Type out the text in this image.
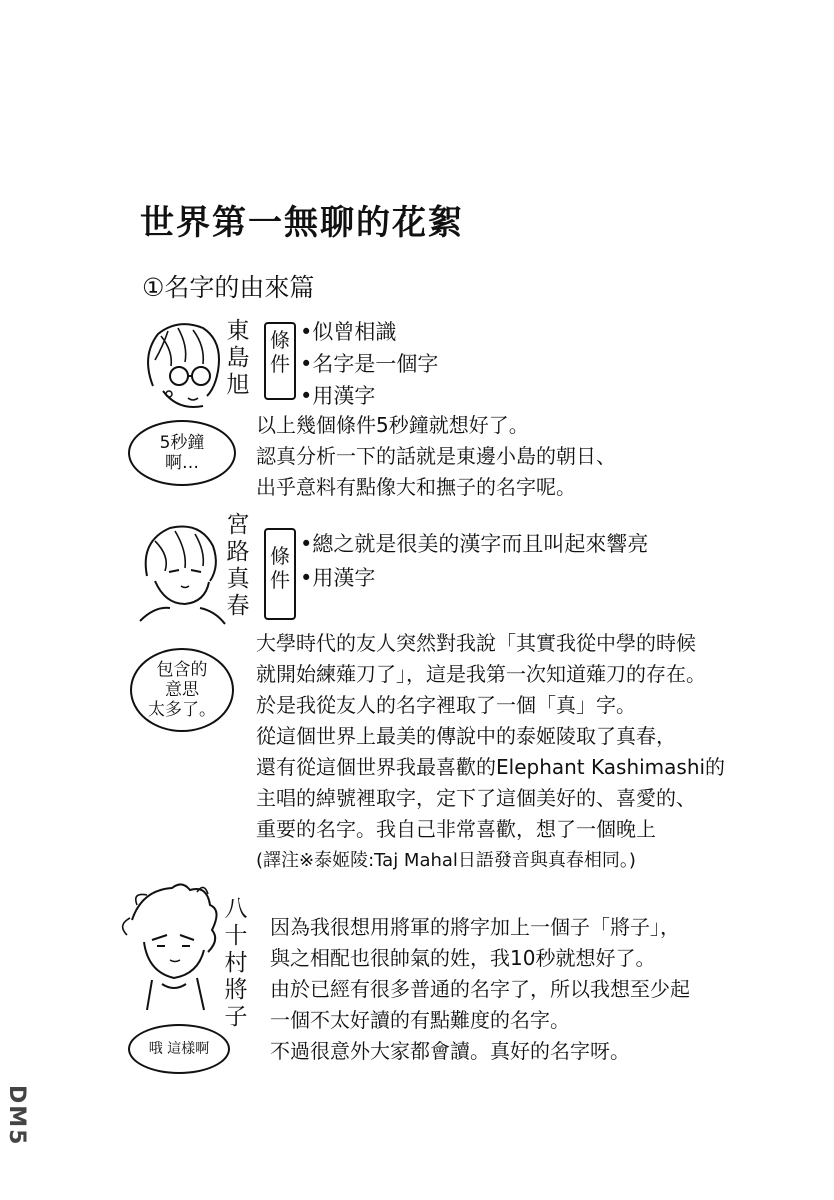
世界第一無聊的花絮
①名字的由來篇
東
島
旭
條
件
•似曾相識
•名字是一個字
•用漢字
5秒鐘
啊…
以上幾個條件5秒鐘就想好了。
認真分析一下的話就是東邊小島的朝日、
出乎意料有點像大和撫子的名字呢。
宮
路
真
春
條
件
•總之就是很美的漢字而且叫起來響亮
•用漢字
包含的
意思
太多了。
大學時代的友人突然對我說「其實我從中學的時候
就開始練薙刀了」，這是我第一次知道薙刀的存在。
於是我從友人的名字裡取了一個「真」字。
從這個世界上最美的傳說中的泰姬陵取了真春，
還有從這個世界我最喜歡的Elephant Kashimashi的
主唱的綽號裡取字，定下了這個美好的、喜愛的、
重要的名字。我自己非常喜歡，想了一個晚上
(譯注※泰姬陵:Taj Mahal日語發音與真春相同。)
八
十
村
將
子
哦 這樣啊
因為我很想用將軍的將字加上一個子「將子」，
與之相配也很帥氣的姓，我10秒就想好了。
由於已經有很多普通的名字了，所以我想至少起
一個不太好讀的有點難度的名字。
不過很意外大家都會讀。真好的名字呀。
DM5
